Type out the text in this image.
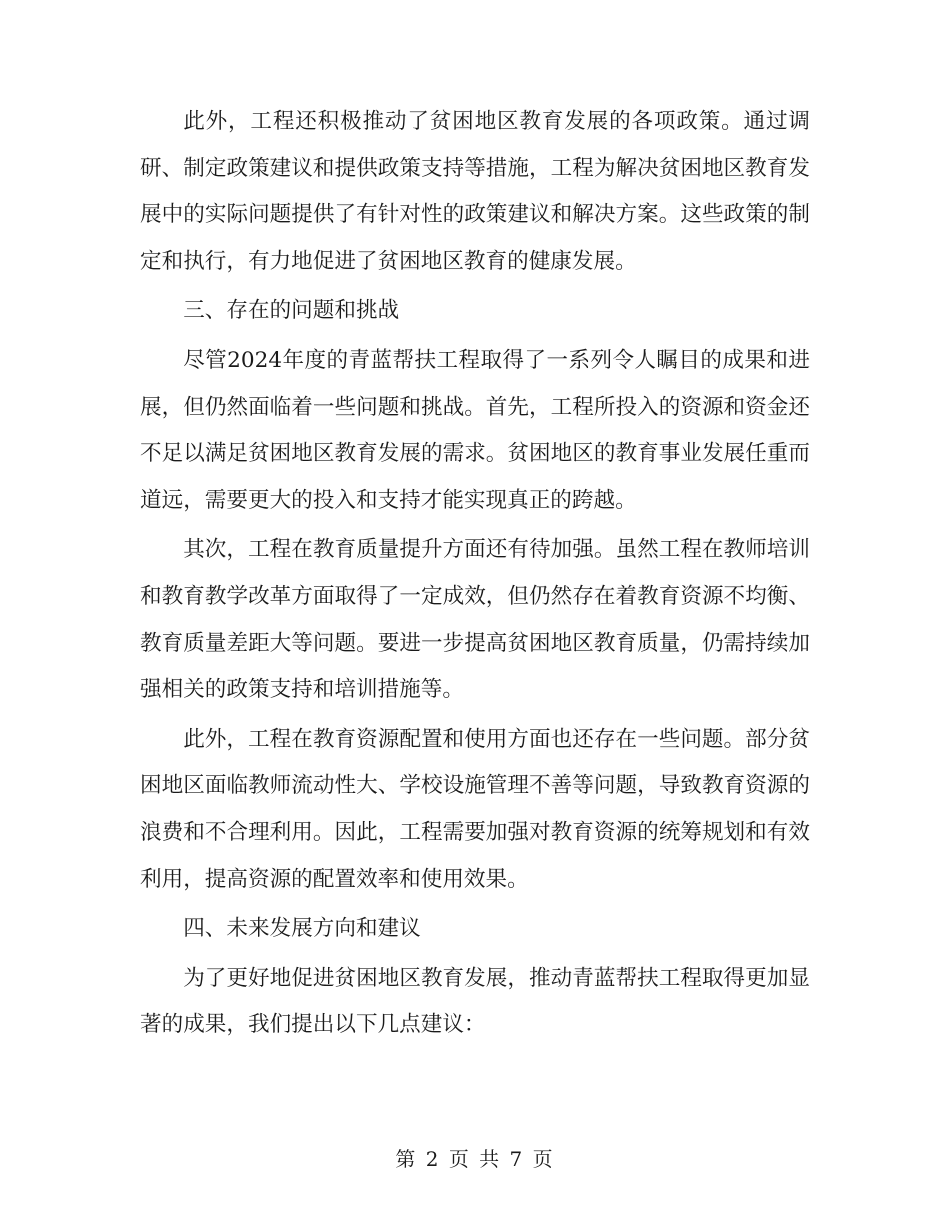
此外，工程还积极推动了贫困地区教育发展的各项政策。通过调研、制定政策建议和提供政策支持等措施，工程为解决贫困地区教育发展中的实际问题提供了有针对性的政策建议和解决方案。这些政策的制定和执行，有力地促进了贫困地区教育的健康发展。

三、存在的问题和挑战

尽管2024年度的青蓝帮扶工程取得了一系列令人瞩目的成果和进展，但仍然面临着一些问题和挑战。首先，工程所投入的资源和资金还不足以满足贫困地区教育发展的需求。贫困地区的教育事业发展任重而道远，需要更大的投入和支持才能实现真正的跨越。

其次，工程在教育质量提升方面还有待加强。虽然工程在教师培训和教育教学改革方面取得了一定成效，但仍然存在着教育资源不均衡、教育质量差距大等问题。要进一步提高贫困地区教育质量，仍需持续加强相关的政策支持和培训措施等。

此外，工程在教育资源配置和使用方面也还存在一些问题。部分贫困地区面临教师流动性大、学校设施管理不善等问题，导致教育资源的浪费和不合理利用。因此，工程需要加强对教育资源的统筹规划和有效利用，提高资源的配置效率和使用效果。

四、未来发展方向和建议

为了更好地促进贫困地区教育发展，推动青蓝帮扶工程取得更加显著的成果，我们提出以下几点建议：

第 2 页 共 7 页
